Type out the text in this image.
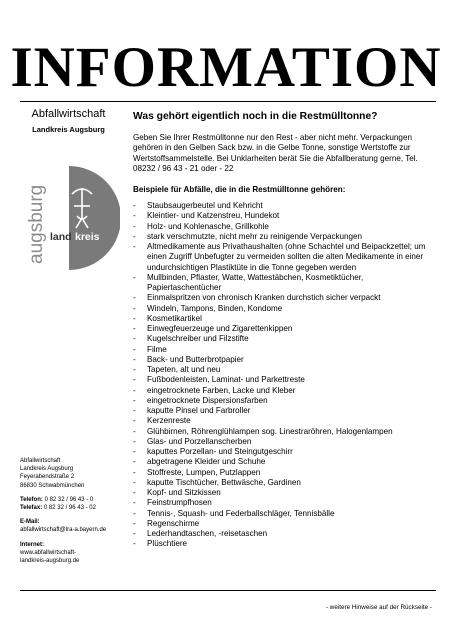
INFORMATION
Abfallwirtschaft
Landkreis Augsburg
augsburg land kreis
Abfallwirtschaft
Landkreis Augsburg
Feyerabendstraße 2
86830 Schwabmünchen
Telefon: 0 82 32 / 96 43 - 0
Telefax: 0 82 32 / 96 43 - 02
E-Mail:
abfallwirtschaft@lra-a.bayern.de
Internet:
www.abfallwirtschaft-
landkreis-augsburg.de
Was gehört eigentlich noch in die Restmülltonne?
Geben Sie Ihrer Restmülltonne nur den Rest - aber nicht mehr. Verpackungen gehören in den Gelben Sack bzw. in die Gelbe Tonne, sonstige Wertstoffe zur Wertstoffsammelstelle. Bei Unklarheiten berät Sie die Abfallberatung gerne, Tel. 08232 / 96 43 - 21 oder - 22
Beispiele für Abfälle, die in die Restmülltonne gehören:
- Staubsaugerbeutel und Kehricht
- Kleintier- und Katzenstreu, Hundekot
- Holz- und Kohlenasche, Grillkohle
- stark verschmutzte, nicht mehr zu reinigende Verpackungen
- Altmedikamente aus Privathaushalten (ohne Schachtel und Beipackzettel; um einen Zugriff Unbefugter zu vermeiden sollten die alten Medikamente in einer undurchsichtigen Plastiktüte in die Tonne gegeben werden
- Mullbinden, Pflaster, Watte, Wattestäbchen, Kosmetiktücher, Papiertaschentücher
- Einmalspritzen von chronisch Kranken durchstich sicher verpackt
- Windeln, Tampons, Binden, Kondome
- Kosmetikartikel
- Einwegfeuerzeuge und Zigarettenkippen
- Kugelschreiber und Filzstifte
- Filme
- Back- und Butterbrotpapier
- Tapeten, alt und neu
- Fußbodenleisten, Laminat- und Parkettreste
- eingetrocknete Farben, Lacke und Kleber
- eingetrocknete Dispersionsfarben
- kaputte Pinsel und Farbroller
- Kerzenreste
- Glühbirnen, Röhrenglühlampen sog. Linestraröhren, Halogenlampen
- Glas- und Porzellanscherben
- kaputtes Porzellan- und Steingutgeschirr
- abgetragene Kleider und Schuhe
- Stoffreste, Lumpen, Putzlappen
- kaputte Tischtücher, Bettwäsche, Gardinen
- Kopf- und Sitzkissen
- Feinstrumpfhosen
- Tennis-, Squash- und Federballschläger, Tennisbälle
- Regenschirme
- Lederhandtaschen, -reisetaschen
- Plüschtiere
- weitere Hinweise auf der Rückseite -
